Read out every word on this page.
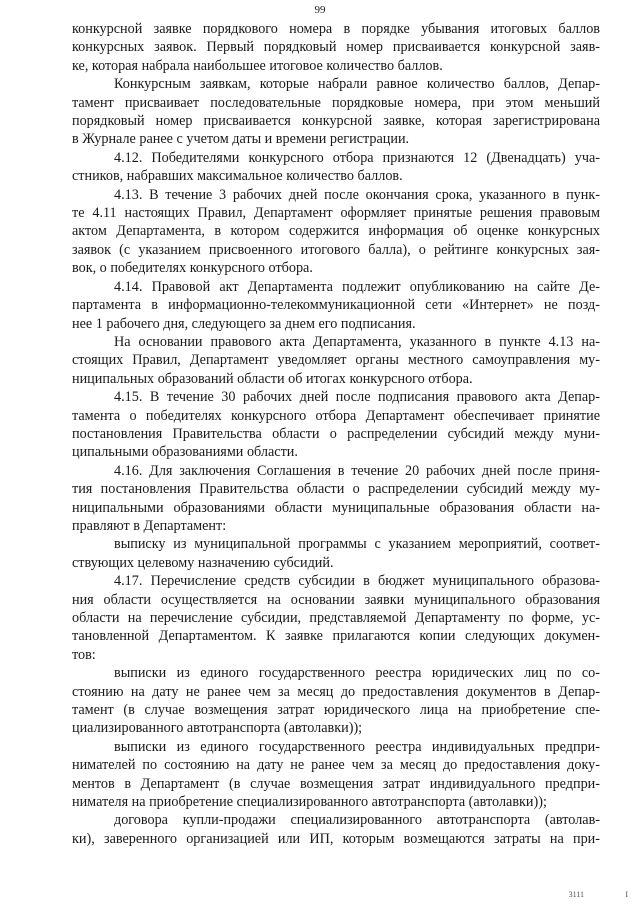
99

конкурсной заявке порядкового номера в порядке убывания итоговых баллов

конкурсных заявок. Первый порядковый номер присваивается конкурсной заяв-

ке, которая набрала наибольшее итоговое количество баллов.

Конкурсным заявкам, которые набрали равное количество баллов, Депар-

тамент присваивает последовательные порядковые номера, при этом меньший

порядковый номер присваивается конкурсной заявке, которая зарегистрирована

в Журнале ранее с учетом даты и времени регистрации.

4.12. Победителями конкурсного отбора признаются 12 (Двенадцать) уча-

стников, набравших максимальное количество баллов.

4.13. В течение 3 рабочих дней после окончания срока, указанного в пунк-

те 4.11 настоящих Правил, Департамент оформляет принятые решения правовым

актом Департамента, в котором содержится информация об оценке конкурсных

заявок (с указанием присвоенного итогового балла), о рейтинге конкурсных зая-

вок, о победителях конкурсного отбора.

4.14. Правовой акт Департамента подлежит опубликованию на сайте Де-

партамента в информационно-телекоммуникационной сети «Интернет» не позд-

нее 1 рабочего дня, следующего за днем его подписания.

На основании правового акта Департамента, указанного в пункте 4.13 на-

стоящих Правил, Департамент уведомляет органы местного самоуправления му-

ниципальных образований области об итогах конкурсного отбора.

4.15. В течение 30 рабочих дней после подписания правового акта Депар-

тамента о победителях конкурсного отбора Департамент обеспечивает принятие

постановления Правительства области о распределении субсидий между муни-

ципальными образованиями области.

4.16. Для заключения Соглашения в течение 20 рабочих дней после приня-

тия постановления Правительства области о распределении субсидий между му-

ниципальными образованиями области муниципальные образования области на-

правляют в Департамент:

выписку из муниципальной программы с указанием мероприятий, соответ-

ствующих целевому назначению субсидий.

4.17. Перечисление средств субсидии в бюджет муниципального образова-

ния области осуществляется на основании заявки муниципального образования

области на перечисление субсидии, представляемой Департаменту по форме, ус-

тановленной Департаментом. К заявке прилагаются копии следующих докумен-

тов:

выписки из единого государственного реестра юридических лиц по со-

стоянию на дату не ранее чем за месяц до предоставления документов в Депар-

тамент (в случае возмещения затрат юридического лица на приобретение спе-

циализированного автотранспорта (автолавки));

выписки из единого государственного реестра индивидуальных предпри-

нимателей по состоянию на дату не ранее чем за месяц до предоставления доку-

ментов в Департамент (в случае возмещения затрат индивидуального предпри-

нимателя на приобретение специализированного автотранспорта (автолавки));

договора купли-продажи специализированного автотранспорта (автолав-

ки), заверенного организацией или ИП, которым возмещаются затраты на при-

3111	I
